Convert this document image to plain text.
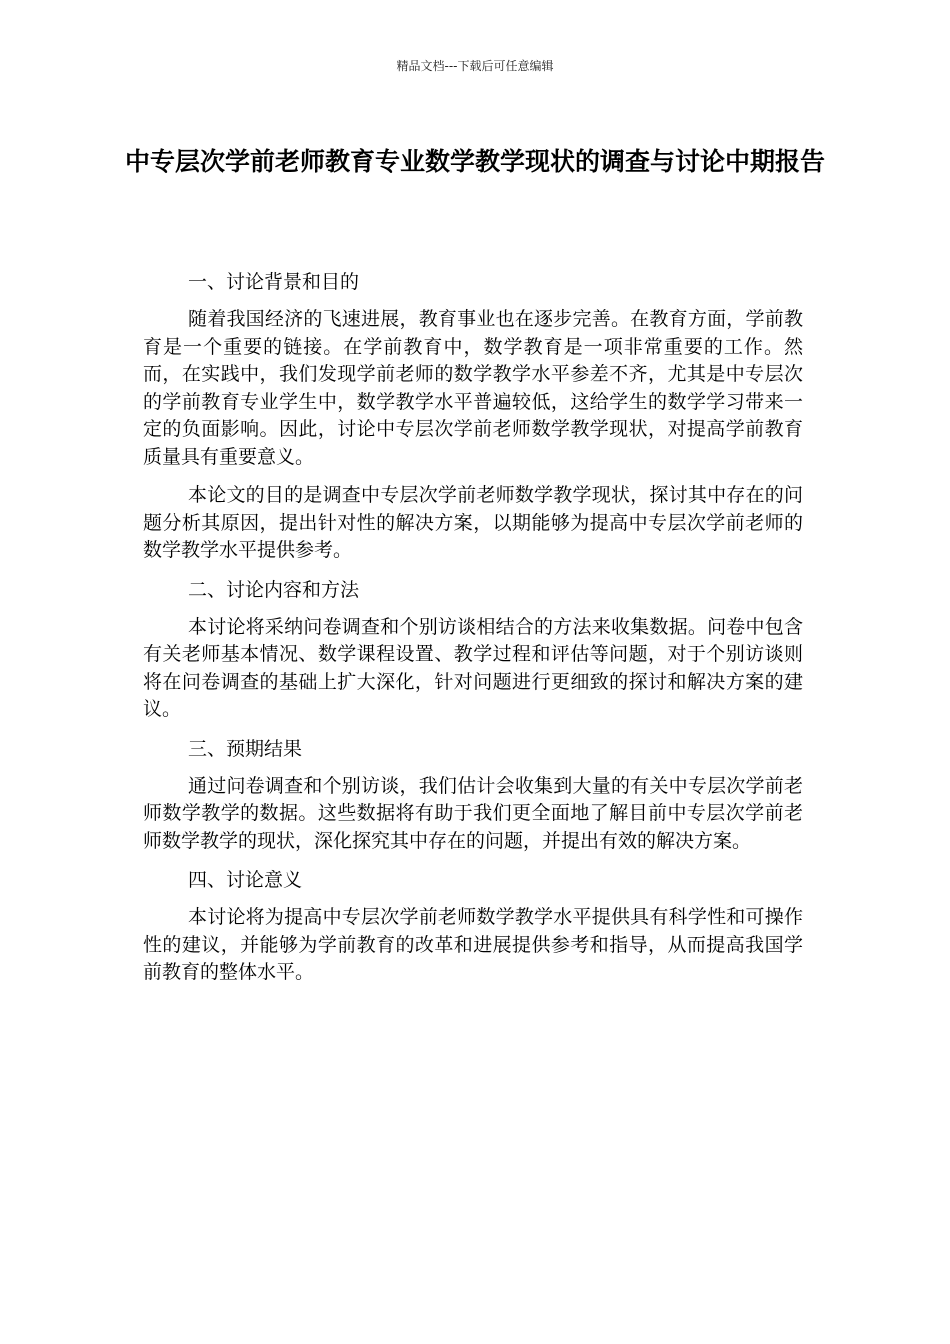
精品文档---下载后可任意编辑
中专层次学前老师教育专业数学教学现状的调查与讨论中期报告
一、讨论背景和目的

随着我国经济的飞速进展，教育事业也在逐步完善。在教育方面，学前教育是一个重要的链接。在学前教育中，数学教育是一项非常重要的工作。然而，在实践中，我们发现学前老师的数学教学水平参差不齐，尤其是中专层次的学前教育专业学生中，数学教学水平普遍较低，这给学生的数学学习带来一定的负面影响。因此，讨论中专层次学前老师数学教学现状，对提高学前教育质量具有重要意义。

本论文的目的是调查中专层次学前老师数学教学现状，探讨其中存在的问题分析其原因，提出针对性的解决方案，以期能够为提高中专层次学前老师的数学教学水平提供参考。

二、讨论内容和方法

本讨论将采纳问卷调查和个别访谈相结合的方法来收集数据。问卷中包含有关老师基本情况、数学课程设置、教学过程和评估等问题，对于个别访谈则将在问卷调查的基础上扩大深化，针对问题进行更细致的探讨和解决方案的建议。

三、预期结果

通过问卷调查和个别访谈，我们估计会收集到大量的有关中专层次学前老师数学教学的数据。这些数据将有助于我们更全面地了解目前中专层次学前老师数学教学的现状，深化探究其中存在的问题，并提出有效的解决方案。

四、讨论意义

本讨论将为提高中专层次学前老师数学教学水平提供具有科学性和可操作性的建议，并能够为学前教育的改革和进展提供参考和指导，从而提高我国学前教育的整体水平。
